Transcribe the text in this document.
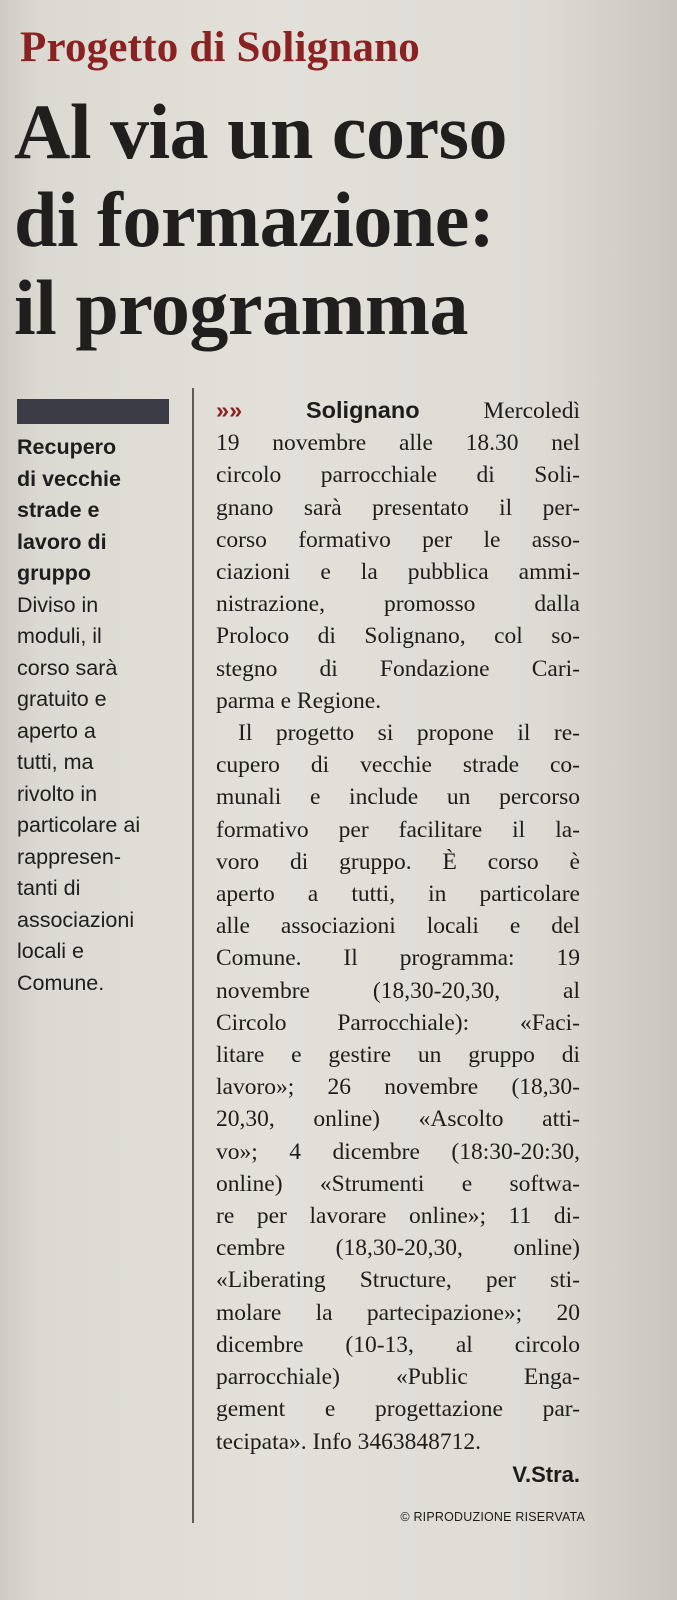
Progetto di Solignano
Al via un corso
di formazione:
il programma
Recupero
di vecchie
strade e
lavoro di
gruppo
Diviso in
moduli, il
corso sarà
gratuito e
aperto a
tutti, ma
rivolto in
particolare ai
rappresen-
tanti di
associazioni
locali e
Comune.
»»	Solignano	Mercoledì
19 novembre alle 18.30 nel
circolo parrocchiale di Soli-
gnano sarà presentato il per-
corso formativo per le asso-
ciazioni e la pubblica ammi-
nistrazione, promosso dalla
Proloco di Solignano, col so-
stegno di Fondazione Cari-
parma e Regione.
Il progetto si propone il re-
cupero di vecchie strade co-
munali e include un percorso
formativo per facilitare il la-
voro di gruppo. È corso è
aperto a tutti, in particolare
alle associazioni locali e del
Comune. Il programma: 19
novembre (18,30-20,30, al
Circolo Parrocchiale): «Faci-
litare e gestire un gruppo di
lavoro»; 26 novembre (18,30-
20,30, online) «Ascolto atti-
vo»; 4 dicembre (18:30-20:30,
online) «Strumenti e softwa-
re per lavorare online»; 11 di-
cembre (18,30-20,30, online)
«Liberating Structure, per sti-
molare la partecipazione»; 20
dicembre (10-13, al circolo
parrocchiale) «Public Enga-
gement e progettazione par-
tecipata». Info 3463848712.
V.Stra.
© RIPRODUZIONE RISERVATA
